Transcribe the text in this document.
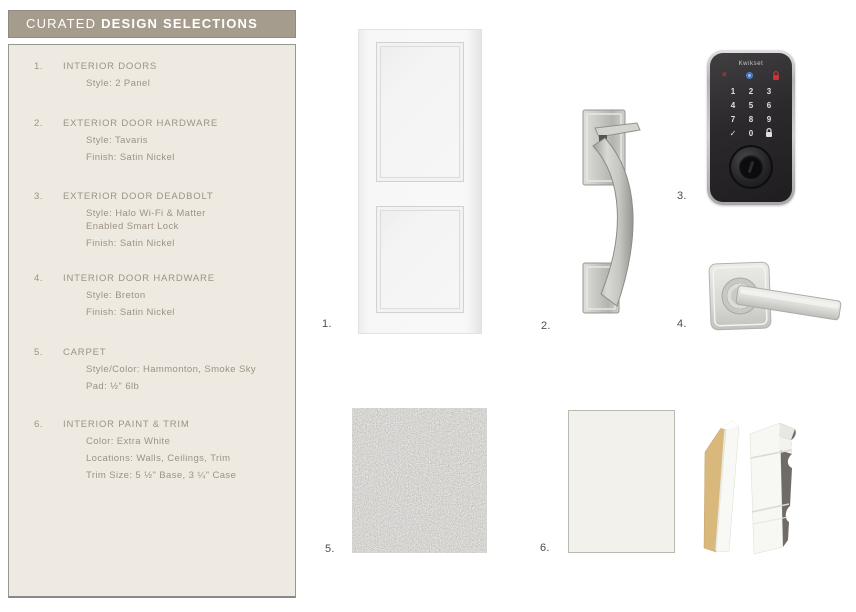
CURATED DESIGN SELECTIONS
1. INTERIOR DOORS

Style: 2 Panel

2. EXTERIOR DOOR HARDWARE

Style: Tavaris

Finish: Satin Nickel

3. EXTERIOR DOOR DEADBOLT

Style: Halo Wi-Fi & Matter Enabled Smart Lock

Finish: Satin Nickel

4. INTERIOR DOOR HARDWARE

Style: Breton

Finish: Satin Nickel

5. CARPET

Style/Color: Hammonton, Smoke Sky

Pad: ½" 6lb

6. INTERIOR PAINT & TRIM

Color: Extra White

Locations: Walls, Ceilings, Trim

Trim Size: 5 ½" Base, 3 ¼" Case

1.	2.
Kwikset
×
1 2 3
4 5 6
7 8 9
✓ 0
3.
4.
5.	6.
